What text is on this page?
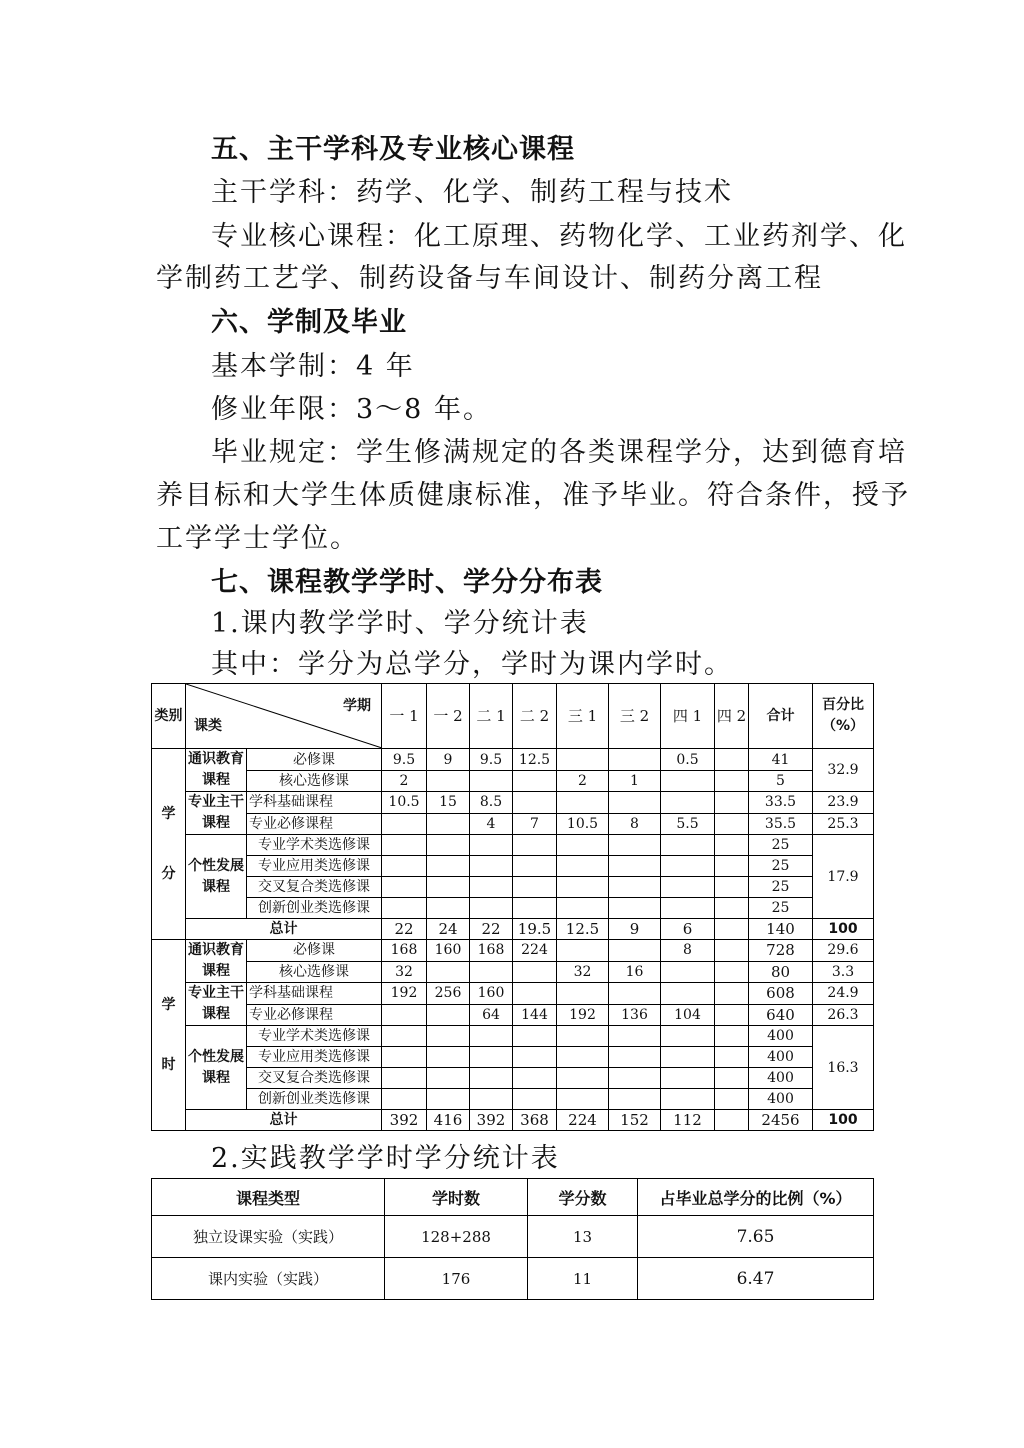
五、主干学科及专业核心课程
主干学科：药学、化学、制药工程与技术
专业核心课程：化工原理、药物化学、工业药剂学、化
学制药工艺学、制药设备与车间设计、制药分离工程
六、学制及毕业
基本学制：4 年
修业年限：3～8 年。
毕业规定：学生修满规定的各类课程学分，达到德育培
养目标和大学生体质健康标准，准予毕业。符合条件，授予
工学学士学位。
七、课程教学学时、学分分布表
1.课内教学学时、学分统计表
其中：学分为总学分，学时为课内学时。
2.实践教学学时学分统计表
类别	学期
课类		一 1	一 2	二 1	二 2	三 1	三 2	四 1	四 2	合计	百分比（%）
学

分	通识教育课程	必修课	9.5	9	9.5	12.5			0.5		41	32.9
		核心选修课	2				2	1			5	
	专业主干课程	学科基础课程	10.5	15	8.5						33.5	23.9
		专业必修课程			4	7	10.5	8	5.5		35.5	25.3
	个性发展课程	专业学术类选修课									25	17.9
		专业应用类选修课									25	
		交叉复合类选修课									25	
		创新创业类选修课									25	
	总计		22	24	22	19.5	12.5	9	6		140	100
学

时	通识教育课程	必修课	168	160	168	224			8		728	29.6
		核心选修课	32				32	16			80	3.3
	专业主干课程	学科基础课程	192	256	160						608	24.9
		专业必修课程			64	144	192	136	104		640	26.3
	个性发展课程	专业学术类选修课									400	16.3
		专业应用类选修课									400	
		交叉复合类选修课									400	
		创新创业类选修课									400	
	总计		392	416	392	368	224	152	112		2456	100
课程类型	学时数	学分数	占毕业总学分的比例（%）
独立设课实验（实践）	128+288	13	7.65
课内实验（实践）	176	11	6.47
